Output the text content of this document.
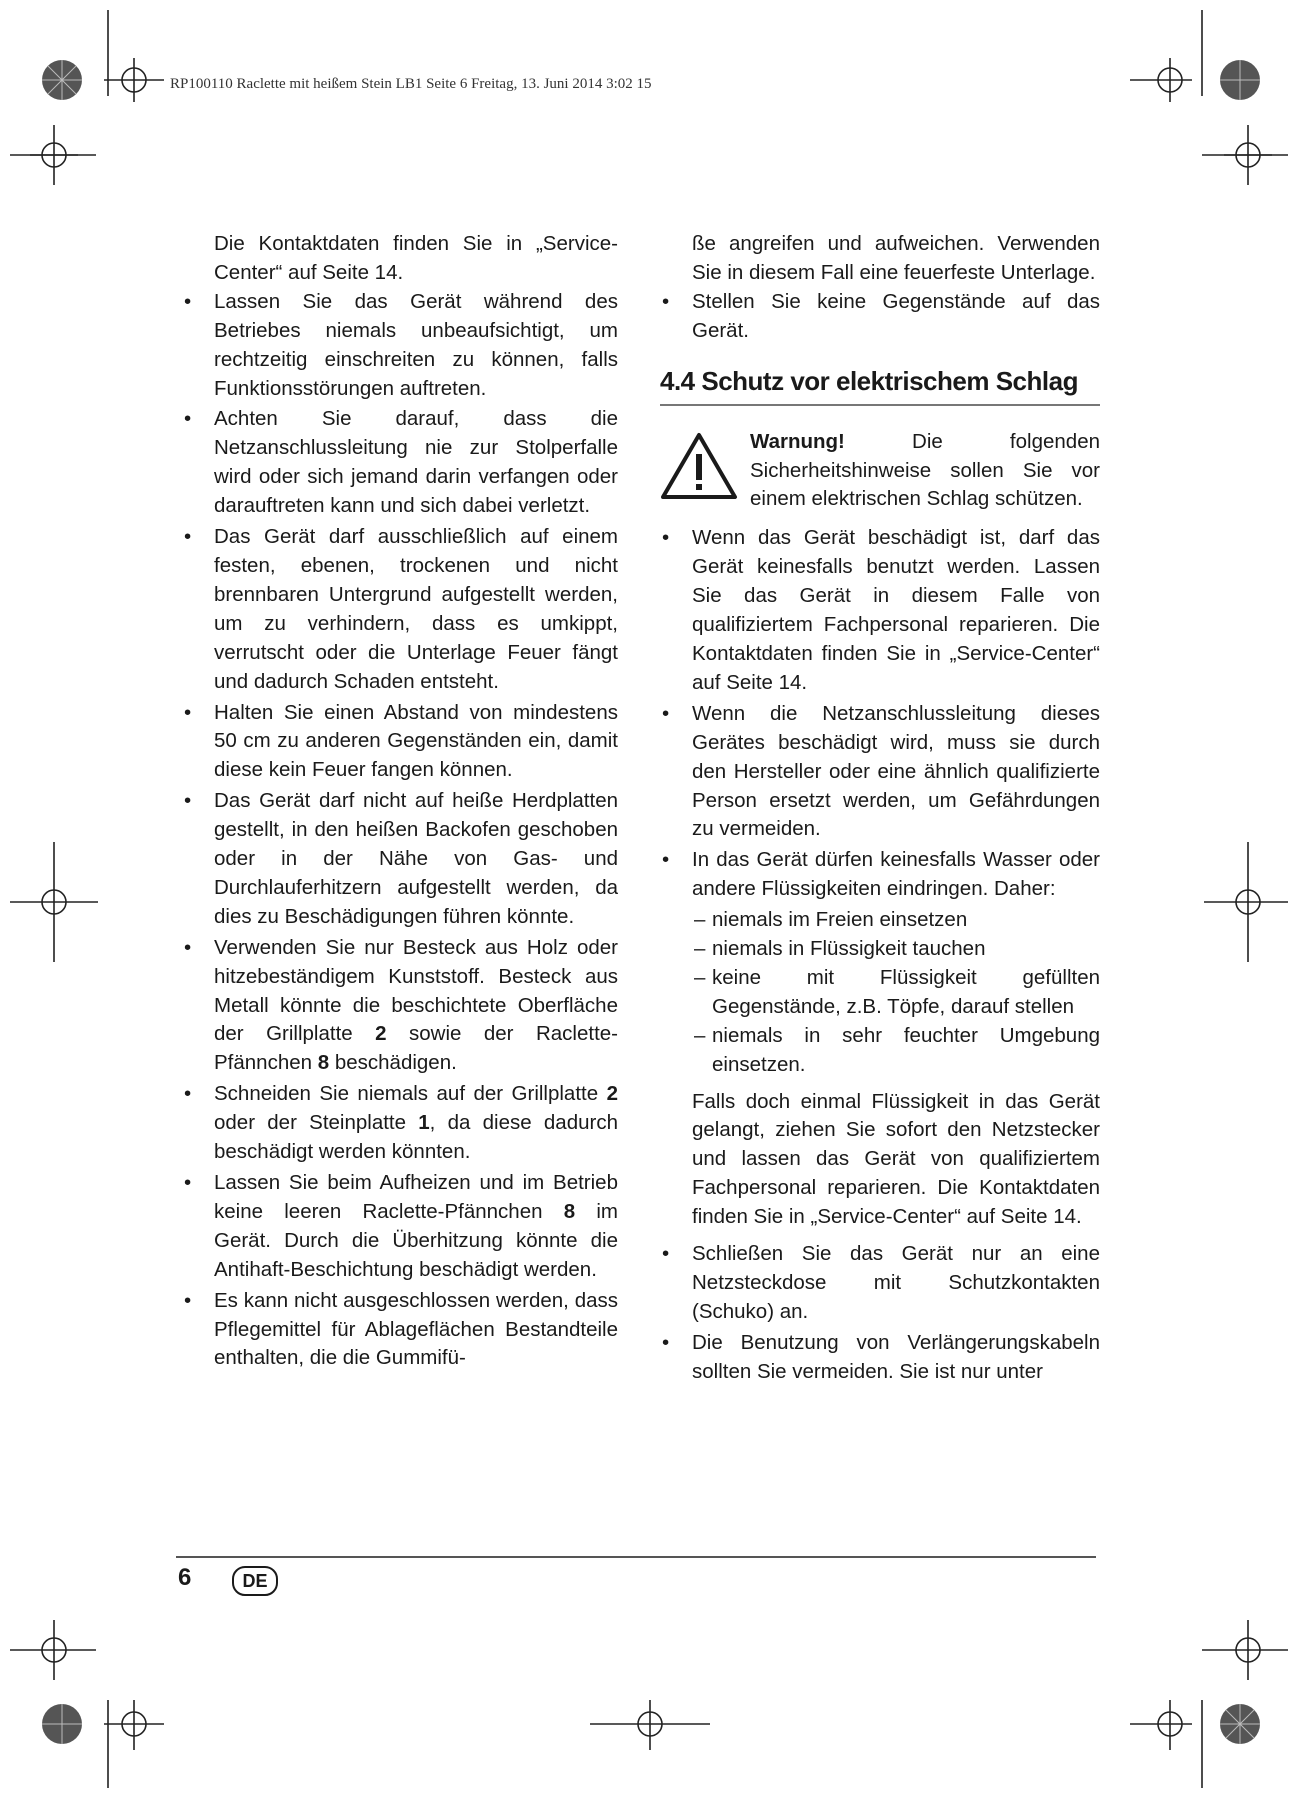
RP100110 Raclette mit heißem Stein LB1 Seite 6 Freitag, 13. Juni 2014 3:02 15

Die Kontaktdaten finden Sie in „Service-Center“ auf Seite 14.

• Lassen Sie das Gerät während des Betriebes niemals unbeaufsichtigt, um rechtzeitig einschreiten zu können, falls Funktionsstörungen auftreten.

• Achten Sie darauf, dass die Netzanschlussleitung nie zur Stolperfalle wird oder sich jemand darin verfangen oder darauftreten kann und sich dabei verletzt.

• Das Gerät darf ausschließlich auf einem festen, ebenen, trockenen und nicht brennbaren Untergrund aufgestellt werden, um zu verhindern, dass es umkippt, verrutscht oder die Unterlage Feuer fängt und dadurch Schaden entsteht.

• Halten Sie einen Abstand von mindestens 50 cm zu anderen Gegenständen ein, damit diese kein Feuer fangen können.

• Das Gerät darf nicht auf heiße Herdplatten gestellt, in den heißen Backofen geschoben oder in der Nähe von Gas- und Durchlauferhitzern aufgestellt werden, da dies zu Beschädigungen führen könnte.

• Verwenden Sie nur Besteck aus Holz oder hitzebeständigem Kunststoff. Besteck aus Metall könnte die beschichtete Oberfläche der Grillplatte 2 sowie der Raclette-Pfännchen 8 beschädigen.

• Schneiden Sie niemals auf der Grillplatte 2 oder der Steinplatte 1, da diese dadurch beschädigt werden könnten.

• Lassen Sie beim Aufheizen und im Betrieb keine leeren Raclette-Pfännchen 8 im Gerät. Durch die Überhitzung könnte die Antihaft-Beschichtung beschädigt werden.

• Es kann nicht ausgeschlossen werden, dass Pflegemittel für Ablageflächen Bestandteile enthalten, die die Gummifü-

ße angreifen und aufweichen. Verwenden Sie in diesem Fall eine feuerfeste Unterlage.

• Stellen Sie keine Gegenstände auf das Gerät.

4.4 Schutz vor elektrischem Schlag
Warnung! Die folgenden Sicherheitshinweise sollen Sie vor einem elektrischen Schlag schützen.

• Wenn das Gerät beschädigt ist, darf das Gerät keinesfalls benutzt werden. Lassen Sie das Gerät in diesem Falle von qualifiziertem Fachpersonal reparieren. Die Kontaktdaten finden Sie in „Service-Center“ auf Seite 14.

• Wenn die Netzanschlussleitung dieses Gerätes beschädigt wird, muss sie durch den Hersteller oder eine ähnlich qualifizierte Person ersetzt werden, um Gefährdungen zu vermeiden.

• In das Gerät dürfen keinesfalls Wasser oder andere Flüssigkeiten eindringen. Daher:

– niemals im Freien einsetzen

– niemals in Flüssigkeit tauchen

– keine mit Flüssigkeit gefüllten Gegenstände, z.B. Töpfe, darauf stellen

– niemals in sehr feuchter Umgebung einsetzen.

Falls doch einmal Flüssigkeit in das Gerät gelangt, ziehen Sie sofort den Netzstecker und lassen das Gerät von qualifiziertem Fachpersonal reparieren. Die Kontaktdaten finden Sie in „Service-Center“ auf Seite 14.

• Schließen Sie das Gerät nur an eine Netzsteckdose mit Schutzkontakten (Schuko) an.

• Die Benutzung von Verlängerungskabeln sollten Sie vermeiden. Sie ist nur unter

6	DE
